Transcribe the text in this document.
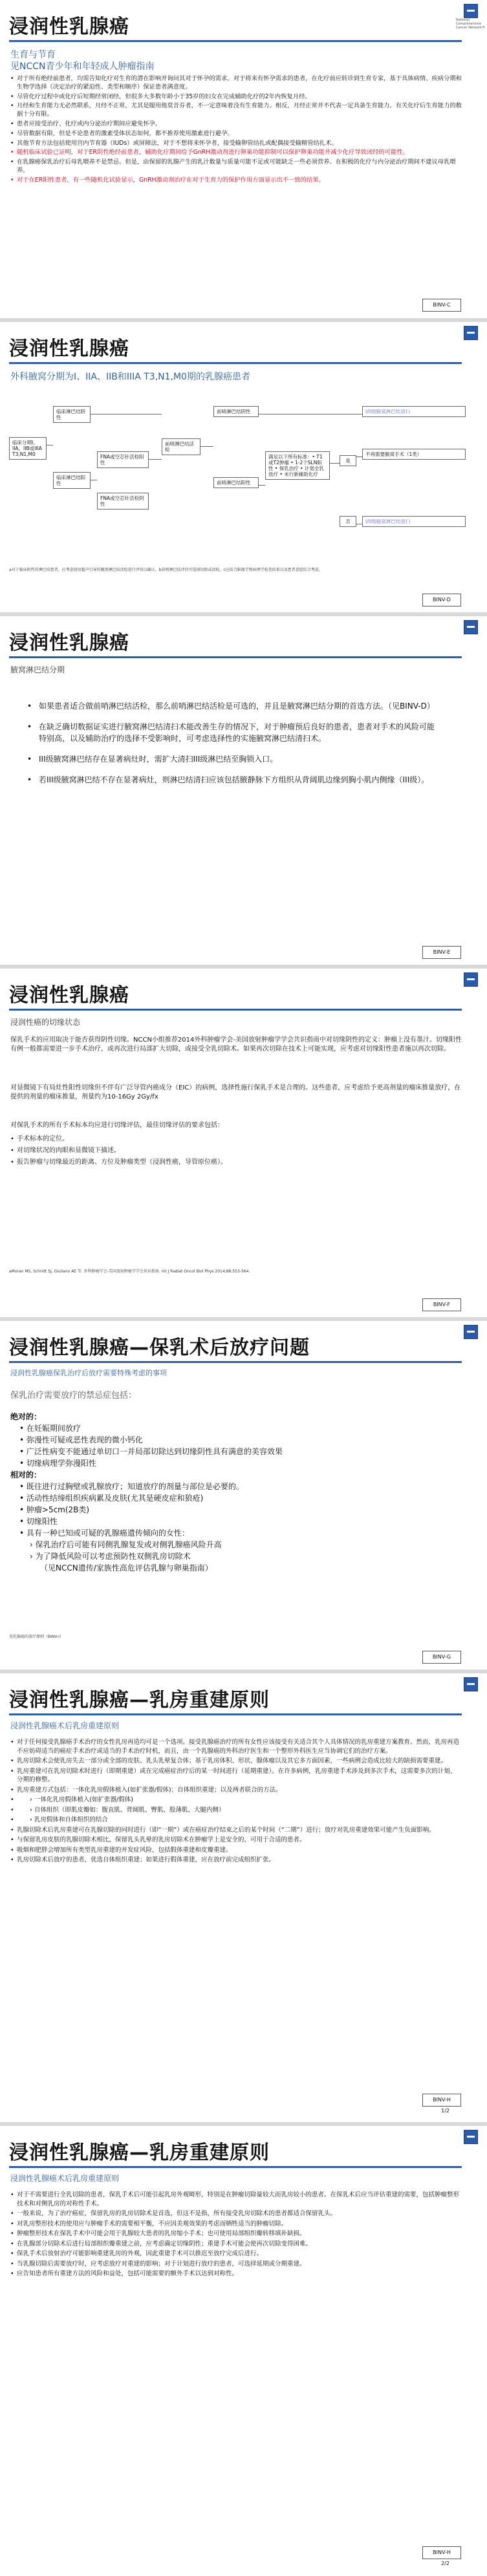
National Comprehensive Cancer Network®
浸润性乳腺癌
生育与节育
见NCCN青少年和年轻成人肿瘤指南
• 对于所有绝经前患者，均需告知化疗对生育的潜在影响并询问其对于怀孕的需求。对于将来有怀孕需求的患者，在化疗前应转诊到生育专家，基于具体病情、疾病分期和生物学选择（决定治疗的紧迫性、类型和顺序）保证患者满意度。
• 尽管化疗过程中或化疗后短期经常闭经，但很多大多数年龄小于35岁的妇女在完成辅助化疗的2年内恢复月经。
• 月经和生育能力无必然联系，月经不正常，尤其是服用他莫昔芬者，不一定意味着没有生育能力。相反，月经正常并不代表一定具备生育能力。有关化疗后生育能力的数据十分有限。
• 患者应接受治疗、化疗或内分泌治疗期间应避免怀孕。
• 尽管数据有限，但是不论患者的激素受体状态如何，都不推荐使用激素进行避孕。
• 其他节育方法包括使用宫内节育器（IUDs）或屏障法，对于不想将来怀孕者，接受输卵管结扎或配偶接受输精管结扎术。
• 随机临床试验已证明，对于ER阴性绝经前患者，辅助化疗期间给予GnRH激动剂进行卵巢功能抑制可以保护卵巢功能并减少化疗导致闭经的可能性。
• 在乳腺癌保乳治疗后母乳喂养不是禁忌。但是，由保留的乳腺产生的乳汁数量与质量可能不足或可能缺乏一些必须营养。在积极的化疗与内分泌治疗期间不建议母乳喂养。
• 对于在ER阳性患者，有一些随机化试验显示，GnRH激动剂治疗在对于生育力的保护作用方面显示出不一致的结果。
BINV-C
浸润性乳腺癌
外科腋窝分期为I、IIA、IIB和IIIA T3,N1,M0期的乳腺癌患者
临床分期I，IIA，IIB或IIIA T3,N1,M0
临床淋巴结阴性
临床淋巴结阳性
FNA或空芯针活检阳性
FNA或空芯针活检阴性
前哨淋巴结活检
前哨淋巴结阴性
前哨淋巴结阳性
满足以下所有标准：• T1或T2肿瘤 • 1-2个SLN阳性 • 保乳治疗 • 计划全乳放疗 • 未行新辅助化疗
是
否
I/II级腋窝淋巴结清扫
不再需要腋窝手术（1类）
I/II级腋窝淋巴结清扫
a对于临床阴性的淋巴结患者，应考虑使用超声引导的腋窝淋巴结活检进行评估以确认。b前哨淋巴结评估可选择切除或活检。c应结合影像学和病理学检查结果以及患者意愿综合考虑。
BINV-D
浸润性乳腺癌
腋窝淋巴结分期
• 如果患者适合做前哨淋巴结活检，那么前哨淋巴结活检是可选的，并且是腋窝淋巴结分期的首选方法。（见BINV-D）
• 在缺乏确切数据证实进行腋窝淋巴结清扫术能改善生存的情况下，对于肿瘤预后良好的患者，患者对手术的风险可能特别高，以及辅助治疗的选择不受影响时，可考虑选择性的实施腋窝淋巴结清扫术。
• III级腋窝淋巴结存在显著病灶时，需扩大清扫III级淋巴结至胸锁入口。
• 若III级腋窝淋巴结不存在显著病灶，则淋巴结清扫应该包括腋静脉下方组织从背阔肌边缘到胸小肌内侧缘（III级）。
BINV-E
浸润性乳腺癌
浸润性癌的切缘状态
保乳手术的应用取决于能否获得阴性切缘。NCCN小组推荐2014外科肿瘤学会-美国放射肿瘤学学会共识指南中对切缘阴性的定义：肿瘤上没有墨汁。切缘阳性有例一般都需要进一步手术治疗，或再次进行局部扩大切除，或接受全乳切除术。如果再次切除在技术上可能实现，应考虑对切缘阳性患者施以再次切除。
对显微镜下有局灶性阳性切缘但不伴有广泛导管内癌成分（EIC）的病例，选择性施行保乳手术是合理的。这些患者，应考虑给予更高剂量的瘤床推量放疗，在提供的剂量的瘤床推量，剂量约为10-16Gy 2Gy/fx
对保乳手术的所有手术标本均应进行切缘评估，最佳切缘评估的要求包括：
• 手术标本的定位。
• 对切缘状况的肉眼和显微镜下描述。
• 报告肿瘤与切缘最近的距离、方位及肿瘤类型（浸润性癌，导管原位癌）。
aMoran MS, Schnitt SJ, Giuliano AE 等. 外科肿瘤学会-美国放射肿瘤学学会共识指南. Int J Radiat Oncol Biol Phys 2014;88:553-564.
BINV-F
浸润性乳腺癌—保乳术后放疗问题
浸润性乳腺癌保乳治疗后放疗需要特殊考虑的事项
保乳治疗需要放疗的禁忌症包括：
绝对的：
• 在妊娠期间放疗
• 弥漫性可疑或恶性表现的微小钙化
• 广泛性病变不能通过单切口一并局部切除达到切缘阴性具有满意的美容效果
• 切缘病理学弥漫阳性
相对的：
• 既往进行过胸壁或乳腺放疗；知道放疗的剂量与部位是必要的。
• 活动性结缔组织疾病累及皮肤(尤其是硬皮症和狼疮)
• 肿瘤>5cm(2B类)
• 切缘阳性
• 具有一种已知或可疑的乳腺癌遗传倾向的女性：
› 保乳治疗后可能有同侧乳腺复发或对侧乳腺癌风险升高
› 为了降低风险可以考虑预防性双侧乳房切除术
（见NCCN遗传/家族性高危评估乳腺与卵巢指南）
见乳腺癌的放疗原则（BINV-I）
BINV-G
浸润性乳腺癌—乳房重建原则
浸润性乳腺癌术后乳房重建原则
• 对于任何接受乳腺癌手术治疗的女性乳房再造均可是一个选项。接受乳腺癌治疗的所有女性应该接受有关适合其个人具体情况的乳房重建方案教育。然而，乳房再造不应妨碍适当的癌症手术治疗或适当的手术治疗时机，而且，由一个乳腺癌的外科治疗医生和一个整形外科医生应当协调它们的治疗方案。
• 乳房切除术会使乳房失去一部分或全部的皮肤、乳头乳晕复合体；基于乳房体积、形状、腺体瘤以及其它多方面因素，一些病例会造成比较大的缺损需要重建。
• 乳房重建可在乳房切除术时进行（即期重建）或在完成癌症治疗后的某一时间进行（延期重建）。在许多病例，乳房重建手术涉及到多次手术，这需要多次的计划、分期的修整。
• 乳房重建方式包括：一体化乳房假体植入(如扩张器/假体)；自体组织重建；以及两者联合的方法。
• › 一体化乳房假体植入(如扩张器/假体)
• › 自体组织（即肌皮瓣如：腹直肌、背阔肌、臀肌、股薄肌、大腿内侧）
• › 乳房假体和自体组织的结合
• 乳腺切除术后乳房重建可在乳腺切除的同时进行（即“一期”）或在癌症治疗结束之后的某个时间（“二期”）进行；放疗对乳房重建效果可能产生负面影响。
• 与保留乳房皮肤的乳腺切除术相比，保留乳头乳晕的乳房切除术在肿瘤学上是安全的，可用于合适的患者。
• 吸烟和肥胖会增加所有类型乳房重建的并发症风险，包括假体重建和皮瓣重建。
• 乳房切除术后放疗的患者，优选自体组织重建；如果进行假体重建，应在放疗前完成组织扩张。
BINV-H
1/2
浸润性乳腺癌—乳房重建原则
浸润性乳腺癌术后乳房重建原则
• 对于不需要进行全乳切除的患者，保乳手术后可能引起乳房外观畸形，特别是在肿瘤切除量较大而乳房较小的患者。在保乳术后应当评估重建的需要，包括肿瘤整形技术和对侧乳房的对称性手术。
• 一般来说，为了治疗癌症，保留乳房的乳房切除术是首选，但这不是指，所有接受乳房切除术的患者都适合保留乳头。
• 对乳房整形技术的使用应与肿瘤手术的需要相平衡，不应因美观效果的考虑而牺牲适当的肿瘤切除。
• 肿瘤整形技术在保乳手术中可能会用于乳腺较大患者的乳房缩小手术；也可使用局部组织瓣转移填补缺损。
• 在乳腺部分切除术后进行局部组织瓣重建之前，应考虑确定切缘阴性；重建手术可能会使再次切除变得困难。
• 保乳手术后放射治疗可能影响重建乳房的外观，因此重建手术可以推迟至放疗完成后进行。
• 当乳腺切除后需要放疗时，应考虑放疗对重建的影响；对于计划进行放疗的患者，可选择延期或分期重建。
• 应告知患者所有重建方法的风险和益处，包括可能需要的额外手术以达到对称性。
BINV-H
2/2
